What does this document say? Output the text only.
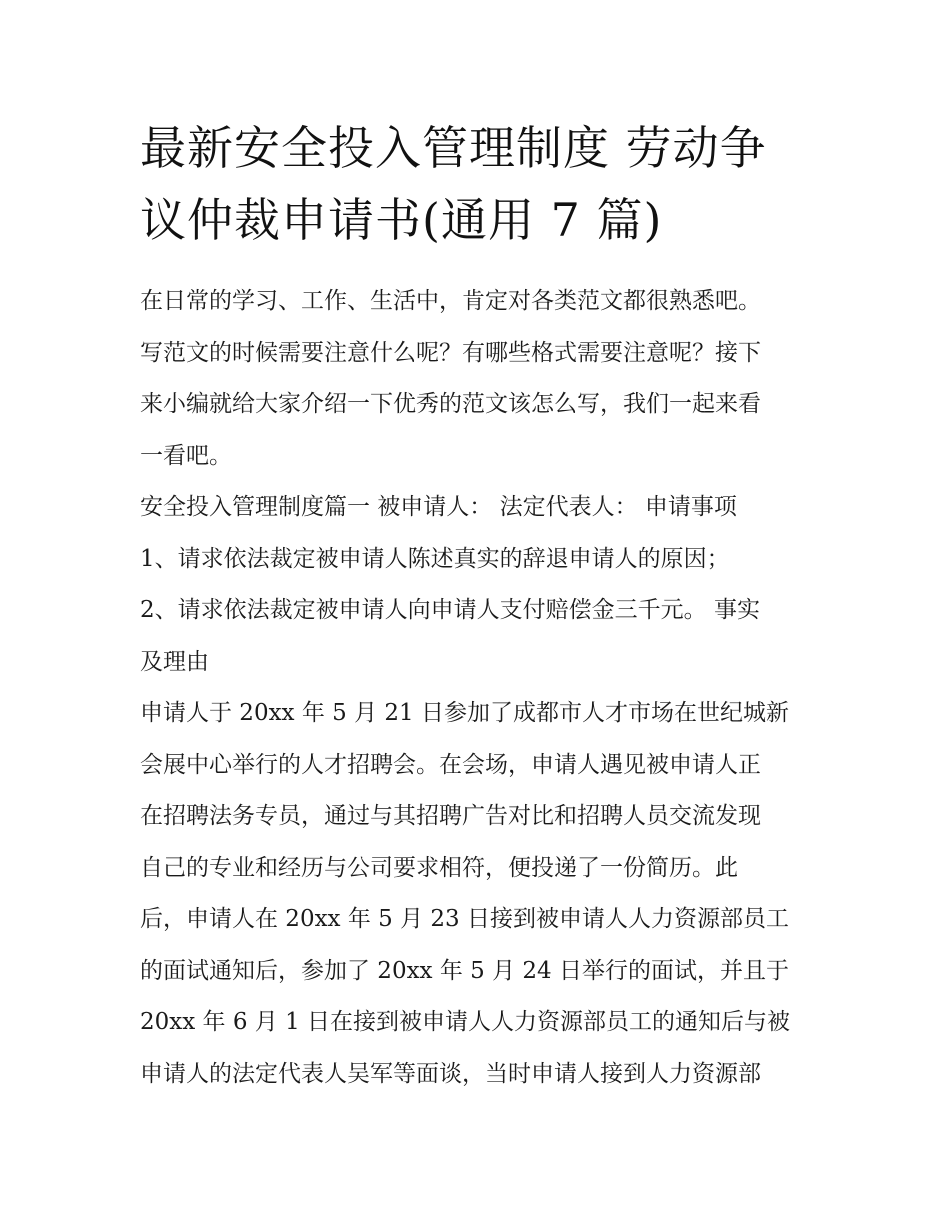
最新安全投入管理制度 劳动争
议仲裁申请书(通用 7 篇)
在日常的学习、工作、生活中，肯定对各类范文都很熟悉吧。
写范文的时候需要注意什么呢？有哪些格式需要注意呢？接下
来小编就给大家介绍一下优秀的范文该怎么写，我们一起来看
一看吧。
安全投入管理制度篇一 被申请人： 法定代表人： 申请事项
1、请求依法裁定被申请人陈述真实的辞退申请人的原因；
2、请求依法裁定被申请人向申请人支付赔偿金三千元。 事实
及理由
申请人于 20xx 年 5 月 21 日参加了成都市人才市场在世纪城新
会展中心举行的人才招聘会。在会场，申请人遇见被申请人正
在招聘法务专员，通过与其招聘广告对比和招聘人员交流发现
自己的专业和经历与公司要求相符，便投递了一份简历。此
后，申请人在 20xx 年 5 月 23 日接到被申请人人力资源部员工
的面试通知后，参加了 20xx 年 5 月 24 日举行的面试，并且于
20xx 年 6 月 1 日在接到被申请人人力资源部员工的通知后与被
申请人的法定代表人吴军等面谈，当时申请人接到人力资源部
